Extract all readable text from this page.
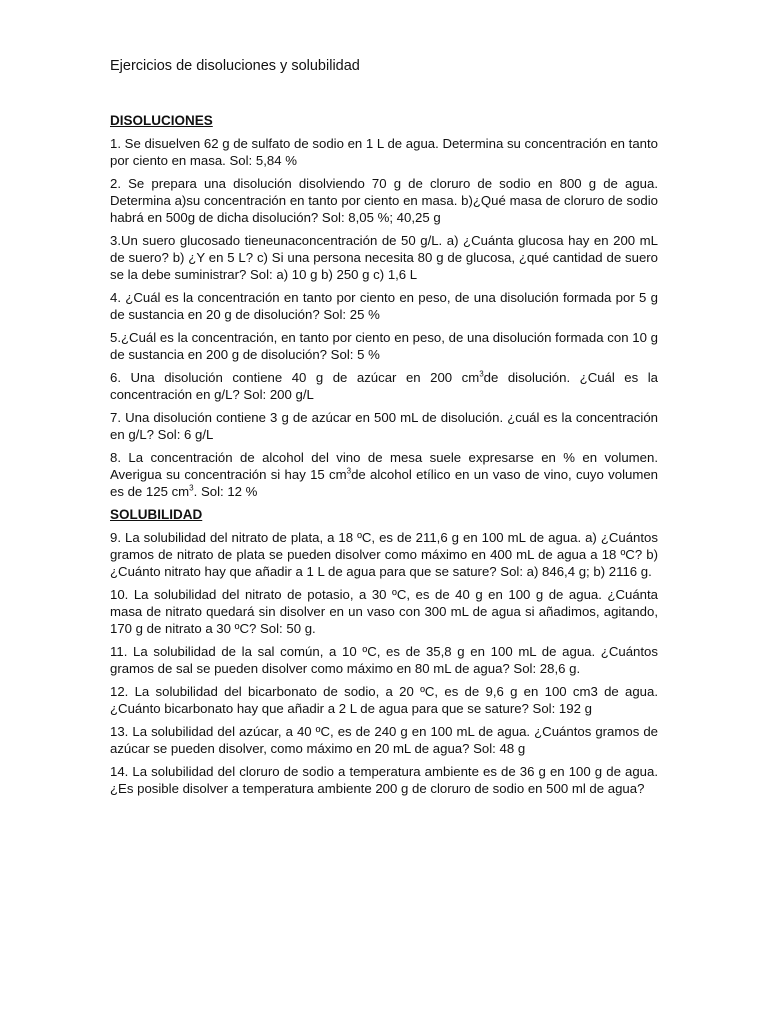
Ejercicios de disoluciones y solubilidad
DISOLUCIONES
1. Se disuelven 62 g de sulfato de sodio en 1 L de agua. Determina su concentración en tanto por ciento en masa. Sol: 5,84 %
2. Se prepara una disolución disolviendo 70 g de cloruro de sodio en 800 g de agua. Determina a)su concentración en tanto por ciento en masa. b)¿Qué masa de cloruro de sodio habrá en 500g de dicha disolución? Sol: 8,05 %; 40,25 g
3.Un suero glucosado tieneunaconcentración de 50 g/L. a) ¿Cuánta glucosa hay en 200 mL de suero? b) ¿Y en 5 L? c) Si una persona necesita 80 g de glucosa, ¿qué cantidad de suero se la debe suministrar? Sol: a) 10 g b) 250 g c) 1,6 L
4. ¿Cuál es la concentración en tanto por ciento en peso, de una disolución formada por 5 g de sustancia en 20 g de disolución? Sol: 25 %
5.¿Cuál es la concentración, en tanto por ciento en peso, de una disolución formada con 10 g de sustancia en 200 g de disolución? Sol: 5 %
6. Una disolución contiene 40 g de azúcar en 200 $cm^3de$ disolución. ¿Cuál es la concentración en g/L? Sol: 200 g/L
7. Una disolución contiene 3 g de azúcar en 500 mL de disolución. ¿cuál es la concentración en g/L? Sol: 6 g/L
8. La concentración de alcohol del vino de mesa suele expresarse en % en volumen. Averigua su concentración si hay 15 $cm^3de$ alcohol etílico en un vaso de vino, cuyo volumen es de 125 $cm^3$. Sol: 12 %
SOLUBILIDAD
9. La solubilidad del nitrato de plata, a 18 ºC, es de 211,6 g en 100 mL de agua. a) ¿Cuántos gramos de nitrato de plata se pueden disolver como máximo en 400 mL de agua a 18 ºC? b) ¿Cuánto nitrato hay que añadir a 1 L de agua para que se sature? Sol: a) 846,4 g; b) 2116 g.
10. La solubilidad del nitrato de potasio, a 30 ºC, es de 40 g en 100 g de agua. ¿Cuánta masa de nitrato quedará sin disolver en un vaso con 300 mL de agua si añadimos, agitando, 170 g de nitrato a 30 ºC? Sol: 50 g.
11. La solubilidad de la sal común, a 10 ºC, es de 35,8 g en 100 mL de agua. ¿Cuántos gramos de sal se pueden disolver como máximo en 80 mL de agua? Sol: 28,6 g.
12. La solubilidad del bicarbonato de sodio, a 20 ºC, es de 9,6 g en 100 cm3 de agua. ¿Cuánto bicarbonato hay que añadir a 2 L de agua para que se sature? Sol: 192 g
13. La solubilidad del azúcar, a 40 ºC, es de 240 g en 100 mL de agua. ¿Cuántos gramos de azúcar se pueden disolver, como máximo en 20 mL de agua? Sol: 48 g
14. La solubilidad del cloruro de sodio a temperatura ambiente es de 36 g en 100 g de agua. ¿Es posible disolver a temperatura ambiente 200 g de cloruro de sodio en 500 ml de agua?
